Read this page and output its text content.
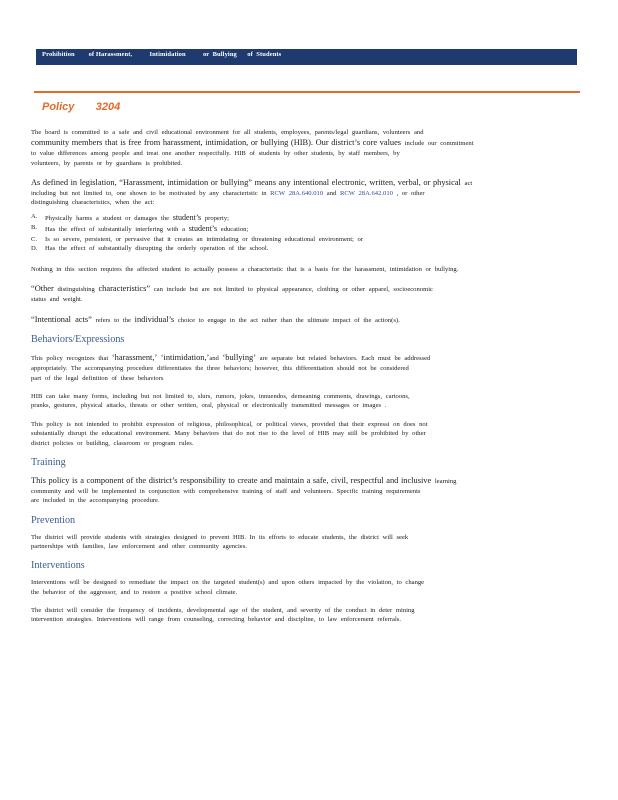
Prohibition        of Harassment,          Intimidation          or  Bullying      of  Students
Policy       3204

The board is committed to a safe and civil educational environment for all students, employees, parents/legal guardians, volunteers and

community members that is free from harassment, intimidation, or bullying (HIB). Our district’s core values include our commitment

to value differences among people and treat one another respectfully. HIB of students by other students, by staff members, by

volunteers, by parents or by guardians is prohibited.

As defined in legislation, “Harassment, intimidation or bullying” means any intentional electronic, written, verbal, or physical act

including but not limited to, one shown to be motivated by any characteristic in RCW 28A.640.010 and RCW 28A.642.010 , or other

distinguishing characteristics, when the act:

A.	Physically harms a student or damages the student’s property;
B.	Has the effect of substantially interfering with a student’s education;
C.	Is so severe, persistent, or pervasive that it creates an intimidating or threatening educational environment; or
D.	Has the effect of substantially disrupting the orderly operation of the school.

Nothing in this section requires the affected student to actually possess a characteristic that is a basis for the harassment, intimidation or bullying.

“Other distinguishing characteristics” can include but are not limited to physical appearance, clothing or other apparel, socioeconomic

status and weight.

“Intentional acts” refers to the individual’s choice to engage in the act rather than the ultimate impact of the action(s).

Behaviors/Expressions

This policy recognizes that ‘harassment,’ ‘intimidation,’and ‘bullying’ are separate but related behaviors. Each must be addressed

appropriately. The accompanying procedure differentiates the three behaviors; however, this differentiation should not be considered

part of the legal definition of these behaviors

HIB can take many forms, including but not limited to, slurs, rumors, jokes, innuendos, demeaning comments, drawings, cartoons,

pranks, gestures, physical attacks, threats or other written, oral, physical or electronically transmitted messages or images .

This policy is not intended to prohibit expression of religious, philosophical, or political views, provided that their expressi on does not

substantially disrupt the educational environment. Many behaviors that do not rise to the level of HIB may still be prohibited by other

district policies or building, classroom or program rules.

Training

This policy is a component of the district’s responsibility to create and maintain a safe, civil, respectful and inclusive learning

community and will be implemented in conjunction with comprehensive training of staff and volunteers. Specific training requirements

are included in the accompanying procedure.

Prevention

The district will provide students with strategies designed to prevent HIB. In its efforts to educate students, the district will seek

partnerships with families, law enforcement and other community agencies.

Interventions

Interventions will be designed to remediate the impact on the targeted student(s) and upon others impacted by the violation, to change

the behavior of the aggressor, and to restore a positive school climate.

The district will consider the frequency of incidents, developmental age of the student, and severity of the conduct in deter mining

intervention strategies. Interventions will range from counseling, correcting behavior and discipline, to law enforcement referrals.
